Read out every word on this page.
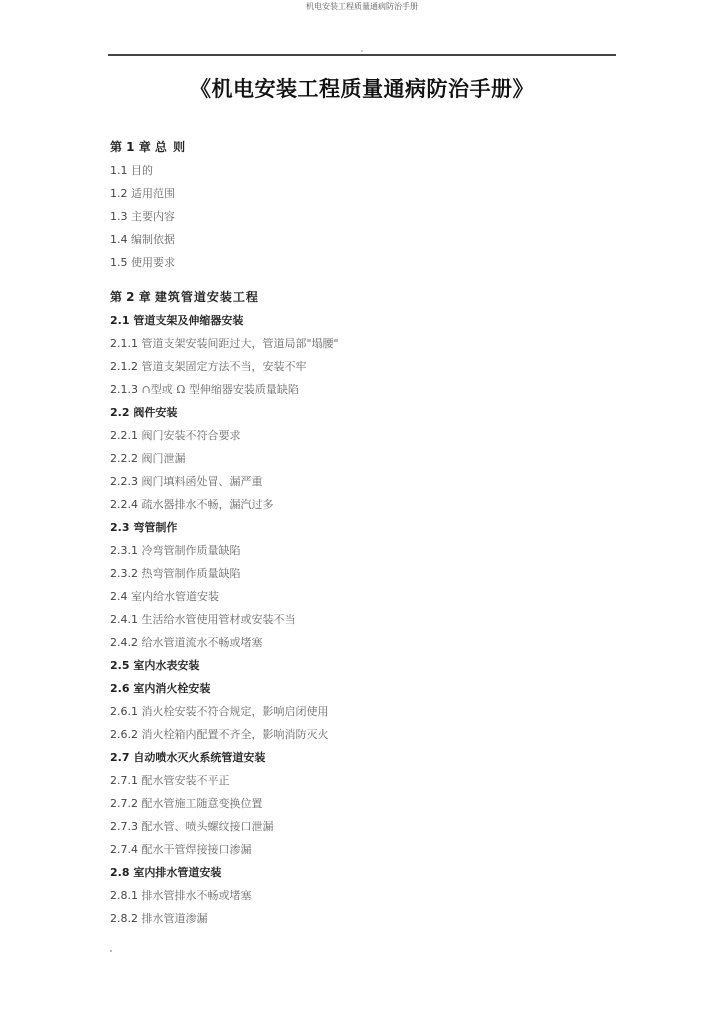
机电安装工程质量通病防治手册
《机电安装工程质量通病防治手册》
第 1 章 总 则
1.1 目的
1.2 适用范围
1.3 主要内容
1.4 编制依据
1.5 使用要求
第 2 章 建筑管道安装工程
2.1 管道支架及伸缩器安装
2.1.1 管道支架安装间距过大，管道局部"塌腰"
2.1.2 管道支架固定方法不当，安装不牢
2.1.3 ∩型或 Ω 型伸缩器安装质量缺陷
2.2 阀件安装
2.2.1 阀门安装不符合要求
2.2.2 阀门泄漏
2.2.3 阀门填料函处冒、漏严重
2.2.4 疏水器排水不畅，漏汽过多
2.3 弯管制作
2.3.1 冷弯管制作质量缺陷
2.3.2 热弯管制作质量缺陷
2.4 室内给水管道安装
2.4.1 生活给水管使用管材或安装不当
2.4.2 给水管道流水不畅或堵塞
2.5 室内水表安装
2.6 室内消火栓安装
2.6.1 消火栓安装不符合规定，影响启闭使用
2.6.2 消火栓箱内配置不齐全，影响消防灭火
2.7 自动喷水灭火系统管道安装
2.7.1 配水管安装不平正
2.7.2 配水管施工随意变换位置
2.7.3 配水管、喷头螺纹接口泄漏
2.7.4 配水干管焊接接口渗漏
2.8 室内排水管道安装
2.8.1 排水管排水不畅或堵塞
2.8.2 排水管道渗漏
